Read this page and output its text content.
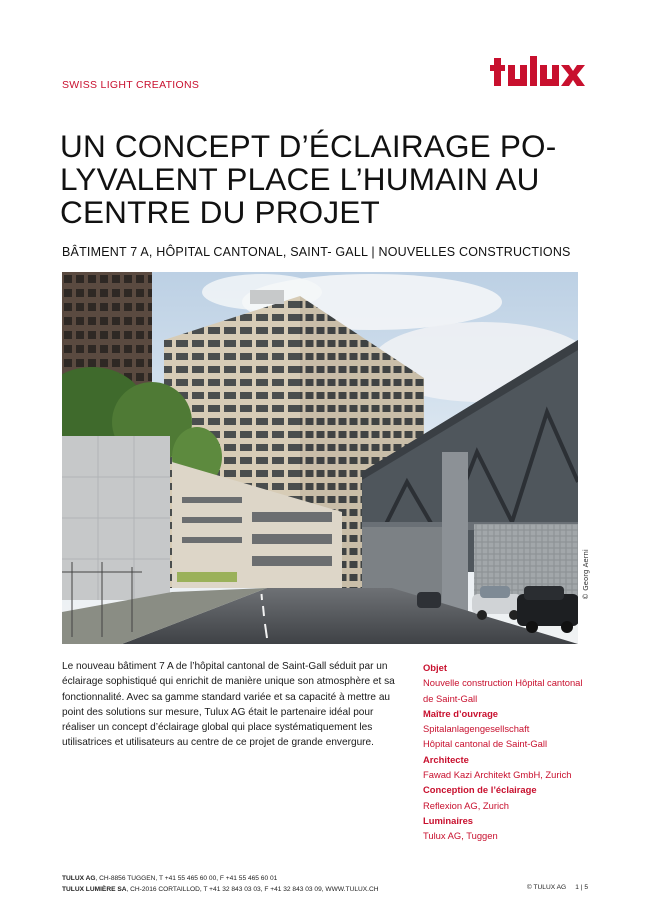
SWISS LIGHT CREATIONS
UN CONCEPT D’ÉCLAIRAGE PO-
LYVALENT PLACE L’HUMAIN AU
CENTRE DU PROJET
BÂTIMENT 7 A, HÔPITAL CANTONAL, SAINT- GALL | NOUVELLES CONSTRUCTIONS
© Georg Aerni

Le nouveau bâtiment 7 A de l’hôpital cantonal de Saint-Gall séduit par un éclairage sophistiqué qui enrichit de manière unique son atmosphère et sa fonctionnalité. Avec sa gamme standard variée et sa capacité à mettre au point des solutions sur mesure, Tulux AG était le partenaire idéal pour réaliser un concept d’éclairage global qui place systématiquement les utilisatrices et utilisateurs au centre de ce projet de grande envergure.

Objet
Nouvelle construction Hôpital cantonal
de Saint-Gall
Maître d’ouvrage
Spitalanlagengesellschaft
Hôpital cantonal de Saint-Gall
Architecte
Fawad Kazi Architekt GmbH, Zurich
Conception de l’éclairage
Reflexion AG, Zurich
Luminaires
Tulux AG, Tuggen
TULUX AG, CH-8856 TUGGEN, T +41 55 465 60 00, F +41 55 465 60 01
TULUX LUMIÈRE SA, CH-2016 CORTAILLOD, T +41 32 843 03 03, F +41 32 843 03 09, WWW.TULUX.CH	© TULUX AG 1 | 5
